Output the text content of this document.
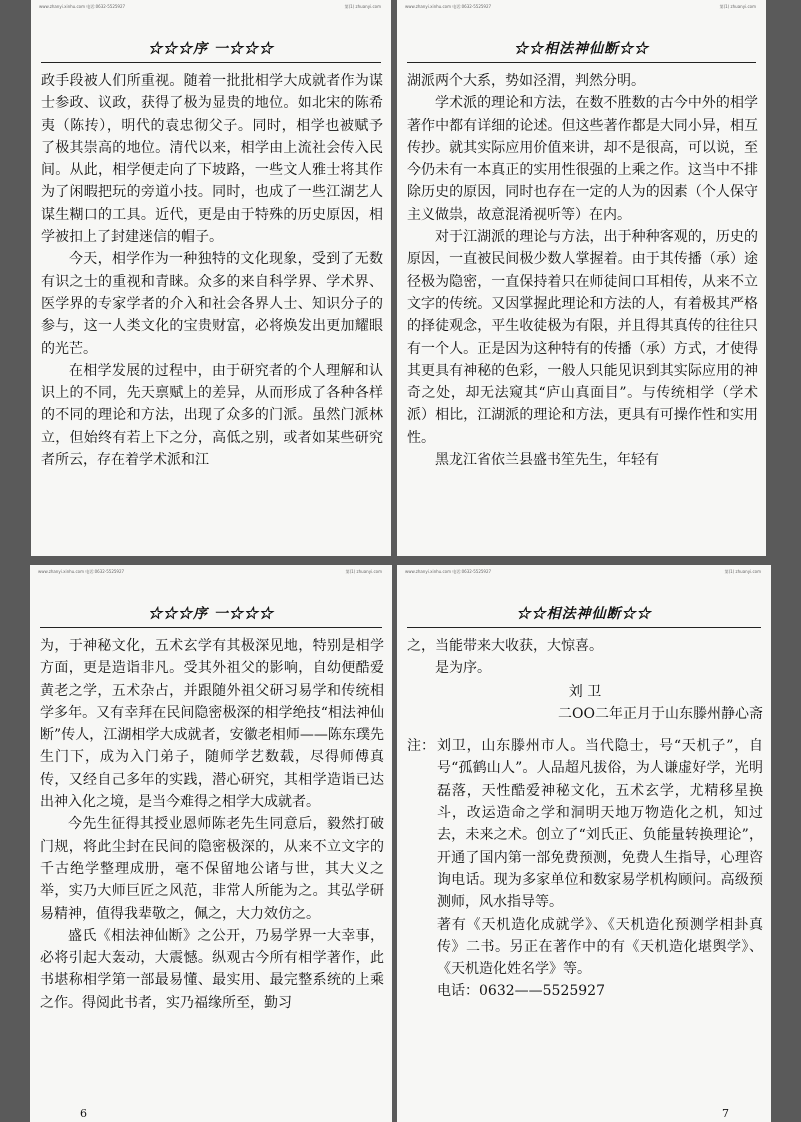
www.zhanyi.xinhu.com 电话:0632-5525927	第(1) zhuanyi.com
☆☆☆序 一☆☆☆

政手段被人们所重视。随着一批批相学大成就者作为谋士参政、议政，获得了极为显贵的地位。如北宋的陈希夷（陈抟），明代的袁忠彻父子。同时，相学也被赋予了极其崇高的地位。清代以来，相学由上流社会传入民间。从此，相学便走向了下坡路，一些文人雅士将其作为了闲暇把玩的旁道小技。同时，也成了一些江湖艺人谋生糊口的工具。近代，更是由于特殊的历史原因，相学被扣上了封建迷信的帽子。

今天，相学作为一种独特的文化现象，受到了无数有识之士的重视和青睐。众多的来自科学界、学术界、医学界的专家学者的介入和社会各界人士、知识分子的参与，这一人类文化的宝贵财富，必将焕发出更加耀眼的光芒。

在相学发展的过程中，由于研究者的个人理解和认识上的不同，先天禀赋上的差异，从而形成了各种各样的不同的理论和方法，出现了众多的门派。虽然门派林立，但始终有若上下之分，高低之别，或者如某些研究者所云，存在着学术派和江

www.zhanyi.xinhu.com 电话:0632-5525927	第(1) zhuanyi.com
☆☆相法神仙断☆☆

湖派两个大系，势如泾渭，判然分明。

学术派的理论和方法，在数不胜数的古今中外的相学著作中都有详细的论述。但这些著作都是大同小异，相互传抄。就其实际应用价值来讲，却不是很高，可以说，至今仍未有一本真正的实用性很强的上乘之作。这当中不排除历史的原因，同时也存在一定的人为的因素（个人保守主义做祟，故意混淆视听等）在内。

对于江湖派的理论与方法，出于种种客观的，历史的原因，一直被民间极少数人掌握着。由于其传播（承）途径极为隐密，一直保持着只在师徒间口耳相传，从来不立文字的传统。又因掌握此理论和方法的人，有着极其严格的择徒观念，平生收徒极为有限，并且得其真传的往往只有一个人。正是因为这种特有的传播（承）方式，才使得其更具有神秘的色彩，一般人只能见识到其实际应用的神奇之处，却无法窥其“庐山真面目”。与传统相学（学术派）相比，江湖派的理论和方法，更具有可操作性和实用性。

黑龙江省依兰县盛书笙先生，年轻有

www.zhanyi.xinhu.com 电话:0632-5525927	第(1) zhuanyi.com
☆☆☆序 一☆☆☆

为，于神秘文化，五术玄学有其极深见地，特别是相学方面，更是造诣非凡。受其外祖父的影响，自幼便酷爱黄老之学，五术杂占，并跟随外祖父研习易学和传统相学多年。又有幸拜在民间隐密极深的相学绝技“相法神仙断”传人，江湖相学大成就者，安徽老相师——陈东璞先生门下，成为入门弟子，随师学艺数载，尽得师傅真传，又经自己多年的实践，潜心研究，其相学造诣已达出神入化之境，是当今难得之相学大成就者。

今先生征得其授业恩师陈老先生同意后，毅然打破门规，将此尘封在民间的隐密极深的，从来不立文字的千古绝学整理成册，毫不保留地公诸与世，其大义之举，实乃大师巨匠之风范，非常人所能为之。其弘学研易精神，值得我辈敬之，佩之，大力效仿之。

盛氏《相法神仙断》之公开，乃易学界一大幸事，必将引起大轰动，大震憾。纵观古今所有相学著作，此书堪称相学第一部最易懂、最实用、最完整系统的上乘之作。得阅此书者，实乃福缘所至，勤习

6
www.zhanyi.xinhu.com 电话:0632-5525927	第(1) zhuanyi.com
☆☆相法神仙断☆☆

之，当能带来大收获，大惊喜。

是为序。

刘 卫

二OO二年正月于山东滕州静心斋

注： 刘卫，山东滕州市人。当代隐士，号“天机子”，自号“孤鹤山人”。人品超凡拔俗，为人谦虚好学，光明磊落，天性酷爱神秘文化，五术玄学，尤精移星换斗，改运造命之学和洞明天地万物造化之机，知过去，未来之术。创立了“刘氏正、负能量转换理论”，开通了国内第一部免费预测，免费人生指导，心理咨询电话。现为多家单位和数家易学机构顾问。高级预测师，风水指导等。

著有《天机造化成就学》、《天机造化预测学相卦真传》二书。另正在著作中的有《天机造化堪舆学》、《天机造化姓名学》等。

电话：0632——5525927

7
